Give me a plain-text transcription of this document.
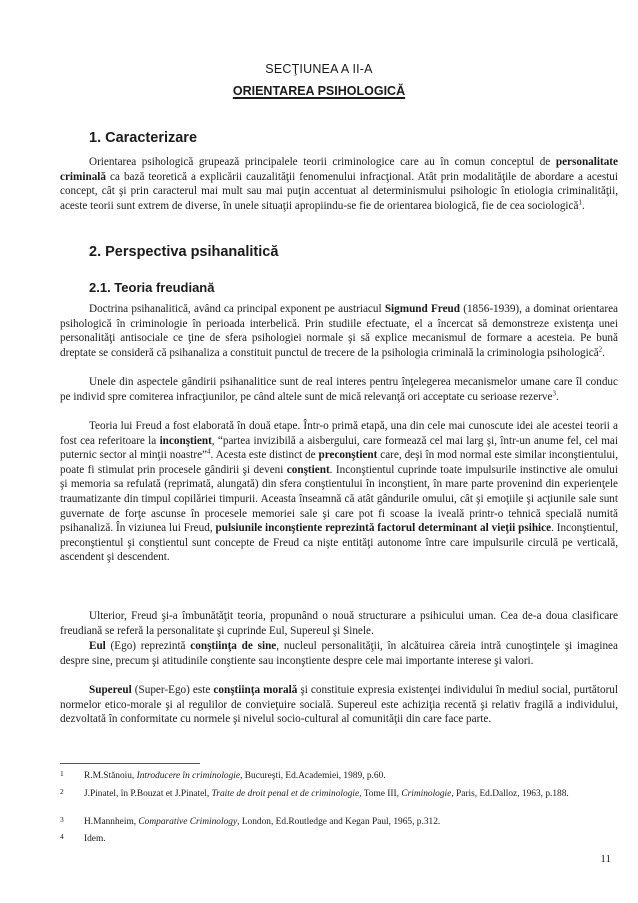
SECŢIUNEA A II-A
ORIENTAREA PSIHOLOGICĂ
1. Caracterizare

Orientarea psihologică grupează principalele teorii criminologice care au în comun conceptul de personalitate criminală ca bază teoretică a explicării cauzalităţii fenomenului infracţional. Atât prin modalităţile de abordare a acestui concept, cât şi prin caracterul mai mult sau mai puţin accentuat al determinismului psihologic în etiologia criminalităţii, aceste teorii sunt extrem de diverse, în unele situaţii apropiindu-se fie de orientarea biologică, fie de cea sociologică$^1$.

2. Perspectiva psihanalitică
2.1. Teoria freudiană

Doctrina psihanalitică, având ca principal exponent pe austriacul Sigmund Freud (1856-1939), a dominat orientarea psihologică în criminologie în perioada interbelică. Prin studiile efectuate, el a încercat să demonstreze existenţa unei personalităţi antisociale ce ţine de sfera psihologiei normale şi să explice mecanismul de formare a acesteia. Pe bună dreptate se consideră că psihanaliza a constituit punctul de trecere de la psihologia criminală la criminologia psihologică$^2$.

Unele din aspectele gândirii psihanalitice sunt de real interes pentru înţelegerea mecanismelor umane care îl conduc pe individ spre comiterea infracţiunilor, pe când altele sunt de mică relevanţă ori acceptate cu serioase rezerve$^3$.

Teoria lui Freud a fost elaborată în două etape. Într-o primă etapă, una din cele mai cunoscute idei ale acestei teorii a fost cea referitoare la inconştient, “partea invizibilă a aisbergului, care formează cel mai larg şi, într-un anume fel, cel mai puternic sector al minţii noastre”$^4$. Acesta este distinct de preconştient care, deşi în mod normal este similar inconştientului, poate fi stimulat prin procesele gândirii şi deveni conştient. Inconştientul cuprinde toate impulsurile instinctive ale omului şi memoria sa refulată (reprimată, alungată) din sfera conştientului în inconştient, în mare parte provenind din experienţele traumatizante din timpul copilăriei timpurii. Aceasta înseamnă că atât gândurile omului, cât şi emoţiile şi acţiunile sale sunt guvernate de forţe ascunse în procesele memoriei sale şi care pot fi scoase la iveală printr-o tehnică specială numită psihanaliză. În viziunea lui Freud, pulsiunile inconştiente reprezintă factorul determinant al vieţii psihice. Inconştientul, preconştientul şi conştientul sunt concepte de Freud ca nişte entităţi autonome între care impulsurile circulă pe verticală, ascendent şi descendent.

Ulterior, Freud şi-a îmbunătăţit teoria, propunând o nouă structurare a psihicului uman. Cea de-a doua clasificare freudiană se referă la personalitate şi cuprinde Eul, Supereul şi Sinele.

Eul (Ego) reprezintă conştiinţa de sine, nucleul personalităţii, în alcătuirea căreia intră cunoştinţele şi imaginea despre sine, precum şi atitudinile conştiente sau inconştiente despre cele mai importante interese şi valori.

Supereul (Super-Ego) este conştiinţa morală şi constituie expresia existenţei individului în mediul social, purtătorul normelor etico-morale şi al regulilor de convieţuire socială. Supereul este achiziţia recentă şi relativ fragilă a individului, dezvoltată în conformitate cu normele şi nivelul socio-cultural al comunităţii din care face parte.

1 R.M.Stănoiu, Introducere în criminologie, Bucureşti, Ed.Academiei, 1989, p.60.
2 J.Pinatel, în P.Bouzat et J.Pinatel, Traite de droit penal et de criminologie, Tome III, Criminologie, Paris, Ed.Dalloz, 1963, p.188.
3 H.Mannheim, Comparative Criminology, London, Ed.Routledge and Kegan Paul, 1965, p.312.
4 Idem.
11
